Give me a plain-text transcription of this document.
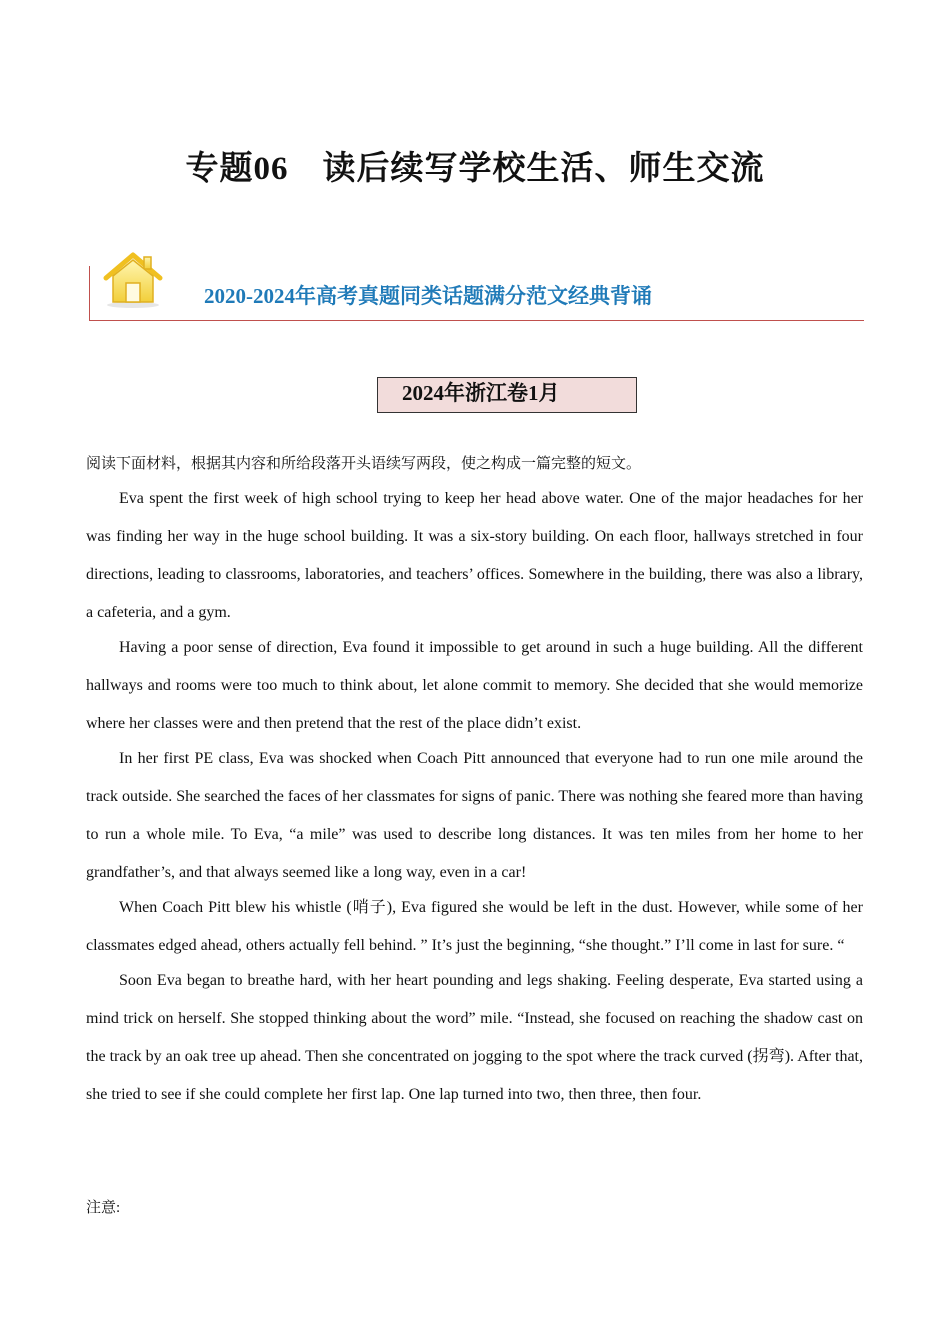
专题06　读后续写学校生活、师生交流
2020-2024年高考真题同类话题满分范文经典背诵
2024年浙江卷1月
阅读下面材料，根据其内容和所给段落开头语续写两段，使之构成一篇完整的短文。

Eva spent the first week of high school trying to keep her head above water. One of the major headaches for her was finding her way in the huge school building. It was a six-story building. On each floor, hallways stretched in four directions, leading to classrooms, laboratories, and teachers’ offices. Somewhere in the building, there was also a library, a cafeteria, and a gym.

Having a poor sense of direction, Eva found it impossible to get around in such a huge building. All the different hallways and rooms were too much to think about, let alone commit to memory. She decided that she would memorize where her classes were and then pretend that the rest of the place didn’t exist.

In her first PE class, Eva was shocked when Coach Pitt announced that everyone had to run one mile around the track outside. She searched the faces of her classmates for signs of panic. There was nothing she feared more than having to run a whole mile. To Eva, “a mile” was used to describe long distances. It was ten miles from her home to her grandfather’s, and that always seemed like a long way, even in a car!

When Coach Pitt blew his whistle (哨子), Eva figured she would be left in the dust. However, while some of her classmates edged ahead, others actually fell behind. ” It’s just the beginning, “she thought.” I’ll come in last for sure. “

Soon Eva began to breathe hard, with her heart pounding and legs shaking. Feeling desperate, Eva started using a mind trick on herself. She stopped thinking about the word” mile. “Instead, she focused on reaching the shadow cast on the track by an oak tree up ahead. Then she concentrated on jogging to the spot where the track curved (拐弯). After that, she tried to see if she could complete her first lap. One lap turned into two, then three, then four.

注意:
